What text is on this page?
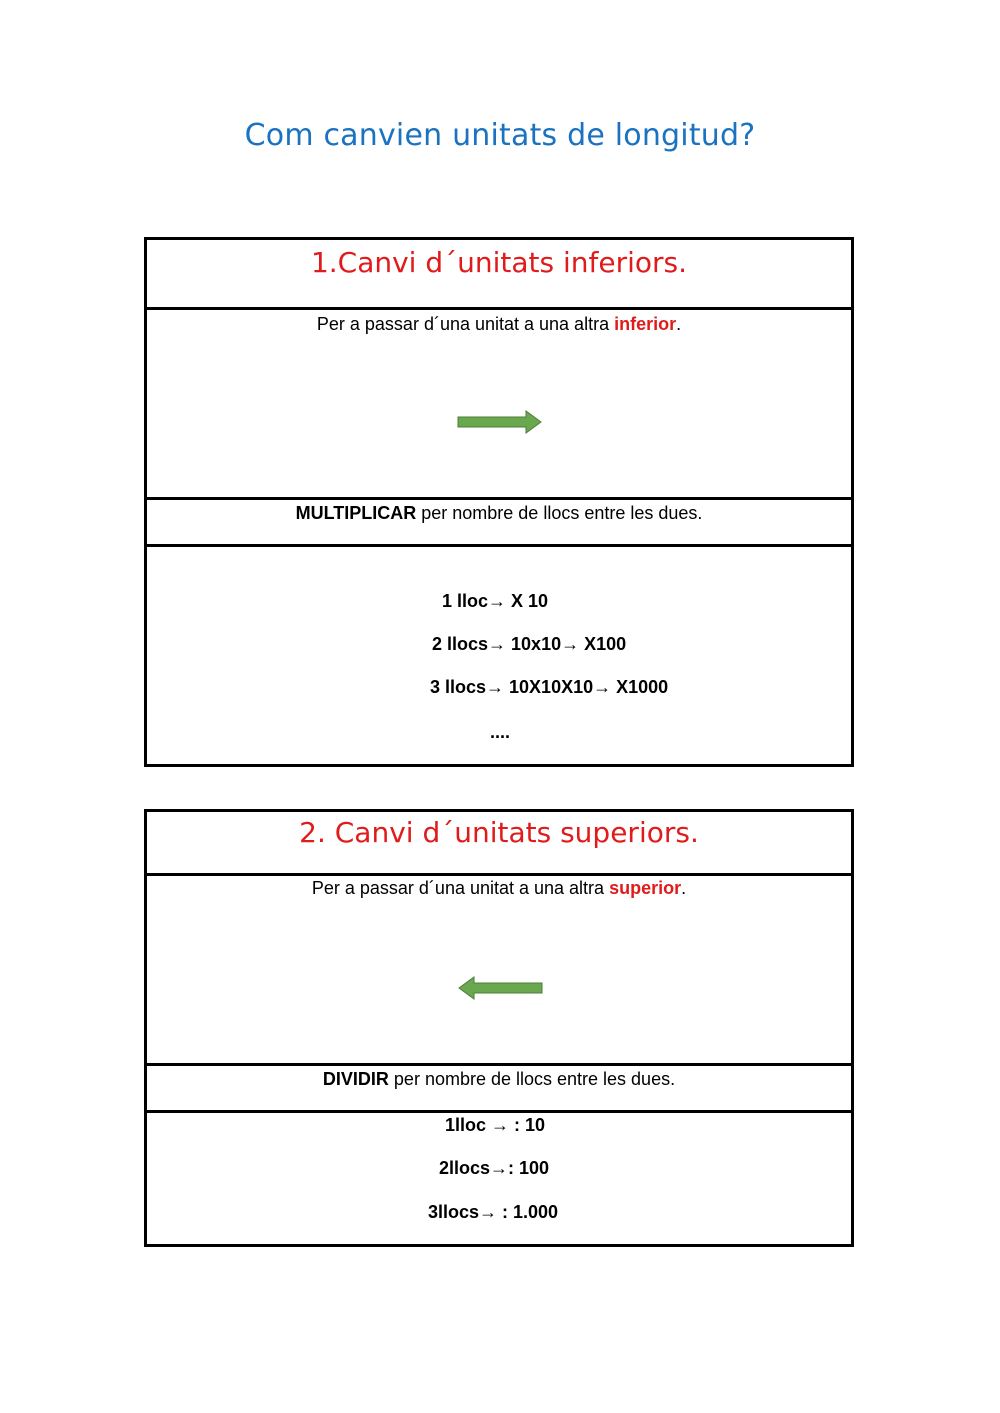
Com canvien unitats de longitud?
1.Canvi d´unitats inferiors.
Per a passar d´una unitat a una altra inferior.
MULTIPLICAR per nombre de llocs entre les dues.
1 lloc→ X 10
2 llocs→ 10x10→ X100
3 llocs→ 10X10X10→ X1000
....
2. Canvi d´unitats superiors.
Per a passar d´una unitat a una altra superior.
DIVIDIR per nombre de llocs entre les dues.
1lloc → : 10
2llocs→: 100
3llocs→ : 1.000
